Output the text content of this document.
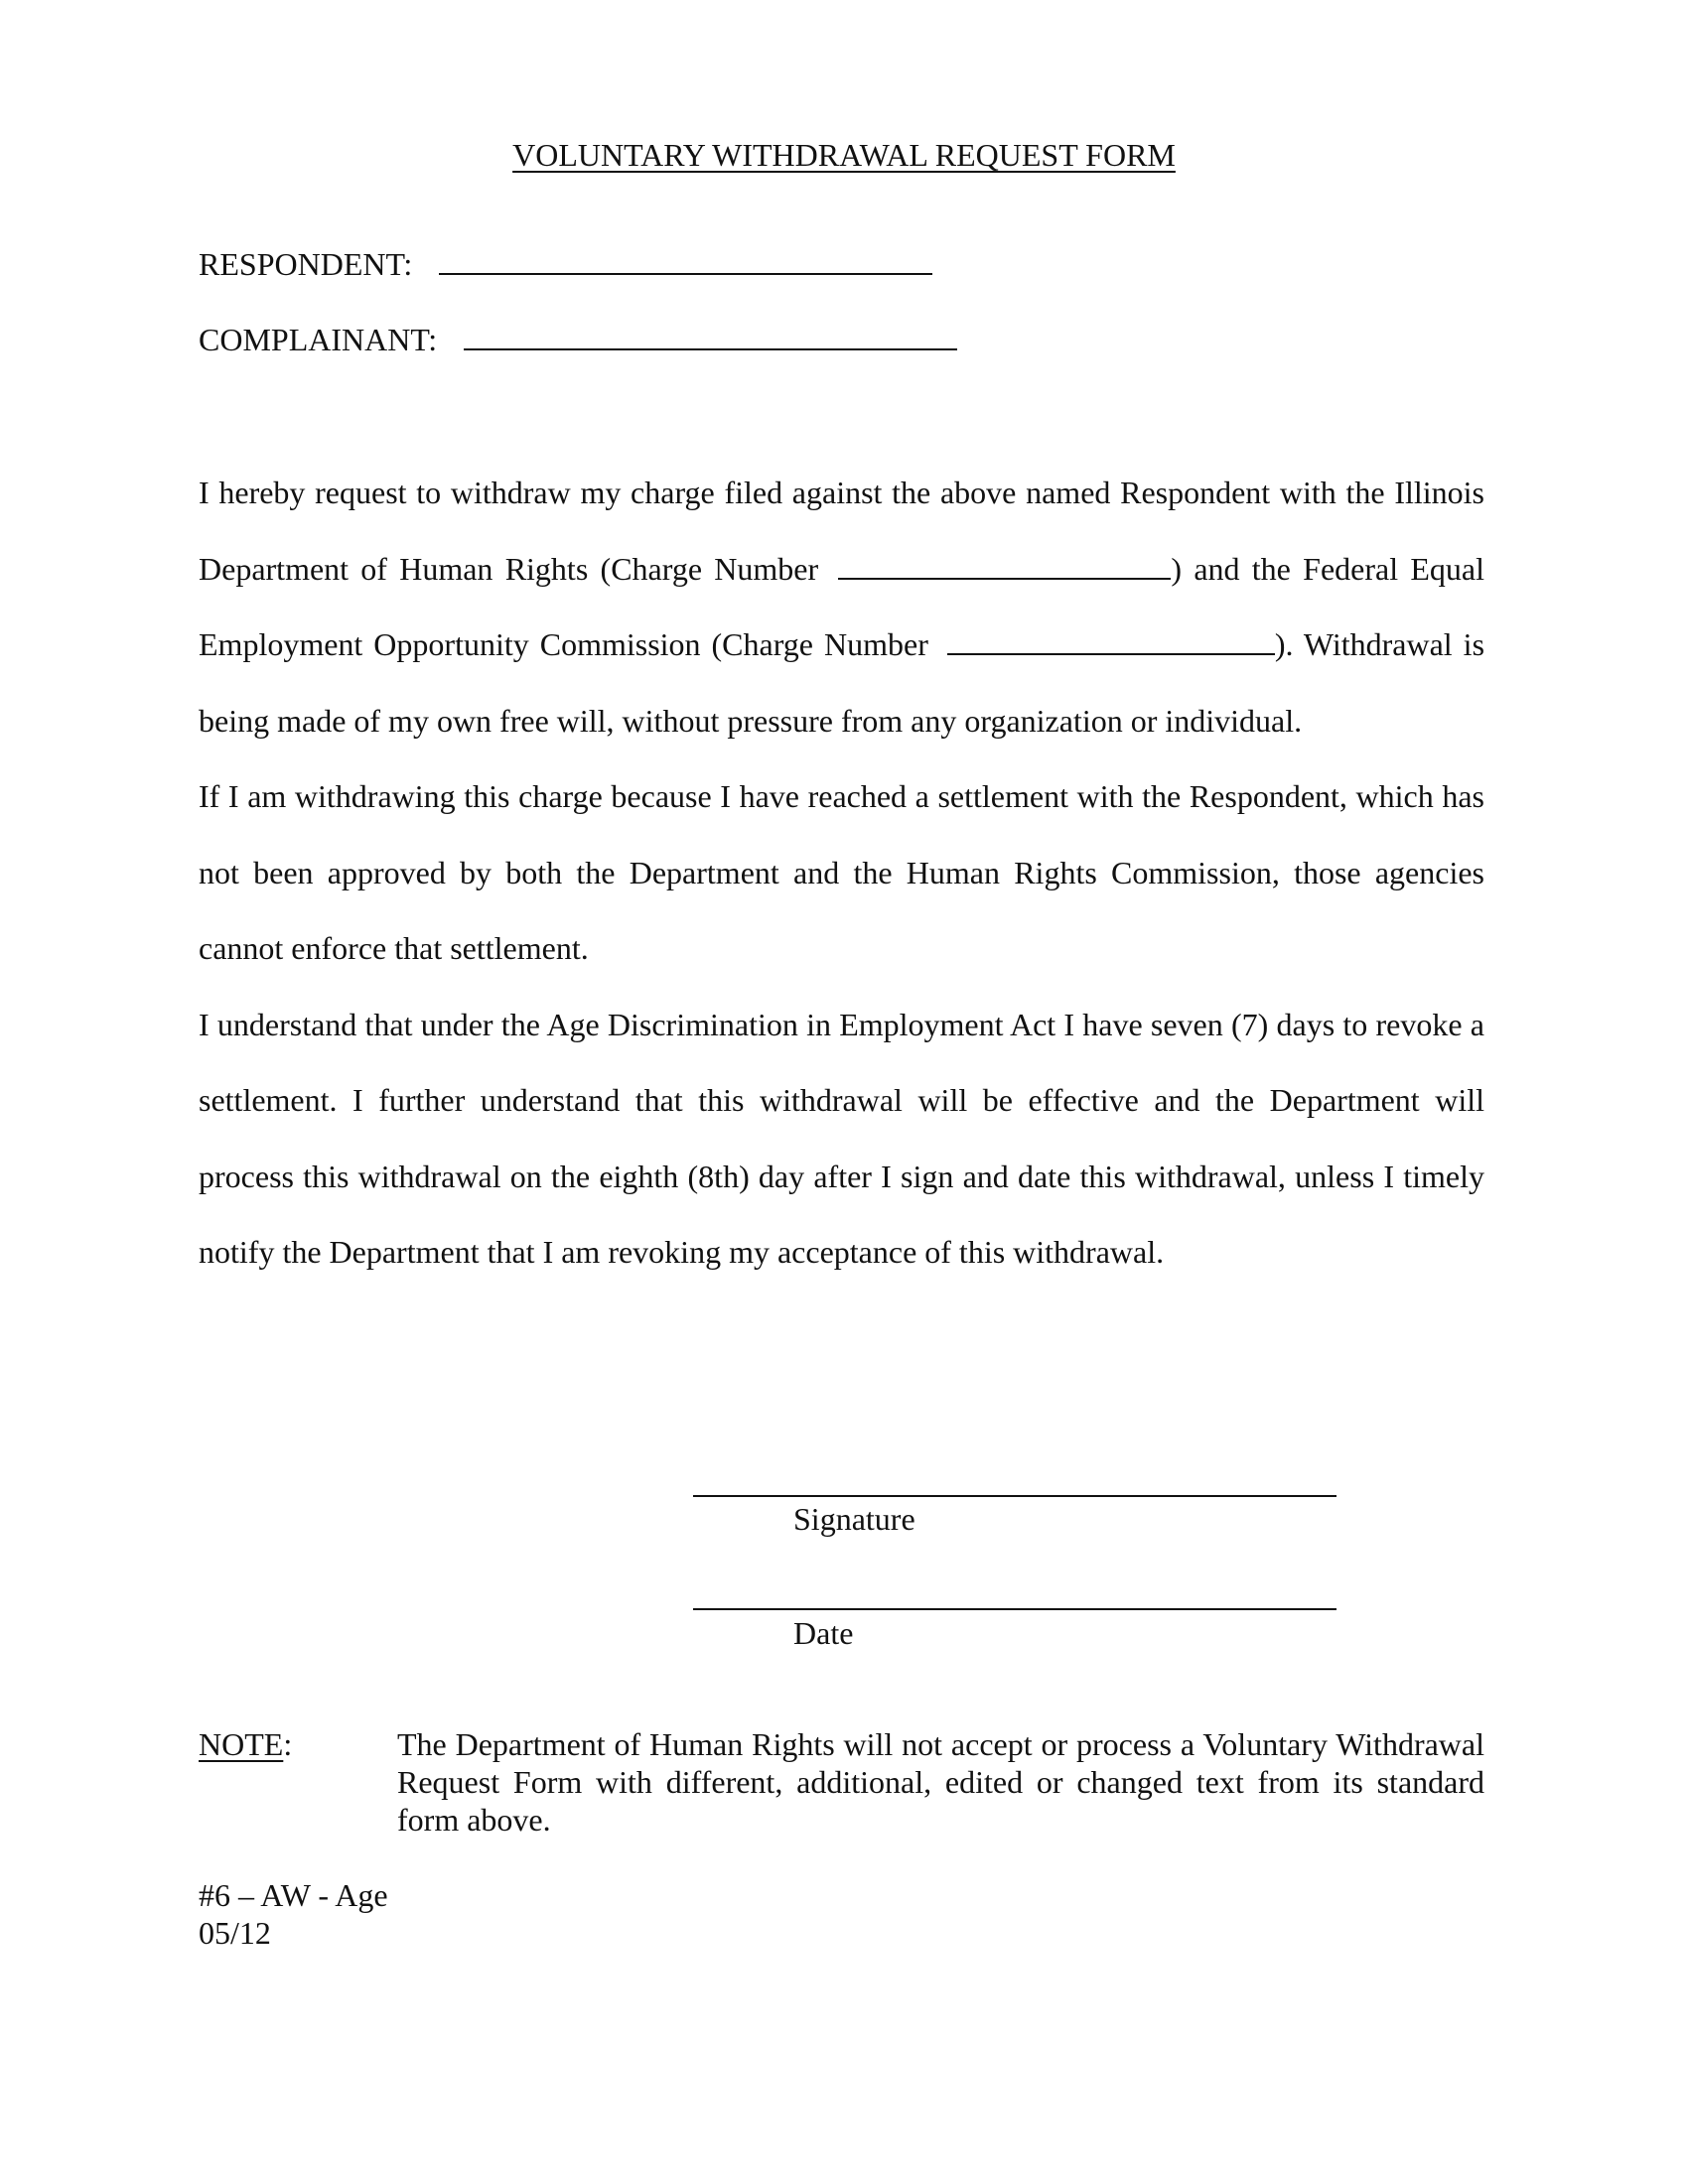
VOLUNTARY WITHDRAWAL REQUEST FORM
RESPONDENT:
COMPLAINANT:

I hereby request to withdraw my charge filed against the above named Respondent with the Illinois Department of Human Rights (Charge Number	) and the Federal Equal Employment Opportunity Commission (Charge Number	). Withdrawal is being made of my own free will, without pressure from any organization or individual.

If I am withdrawing this charge because I have reached a settlement with the Respondent, which has not been approved by both the Department and the Human Rights Commission, those agencies cannot enforce that settlement.

I understand that under the Age Discrimination in Employment Act I have seven (7) days to revoke a settlement. I further understand that this withdrawal will be effective and the Department will process this withdrawal on the eighth (8th) day after I sign and date this withdrawal, unless I timely notify the Department that I am revoking my acceptance of this withdrawal.

Signature
Date
NOTE:	The Department of Human Rights will not accept or process a Voluntary Withdrawal Request Form with different, additional, edited or changed text from its standard form above.
#6 – AW - Age
05/12
